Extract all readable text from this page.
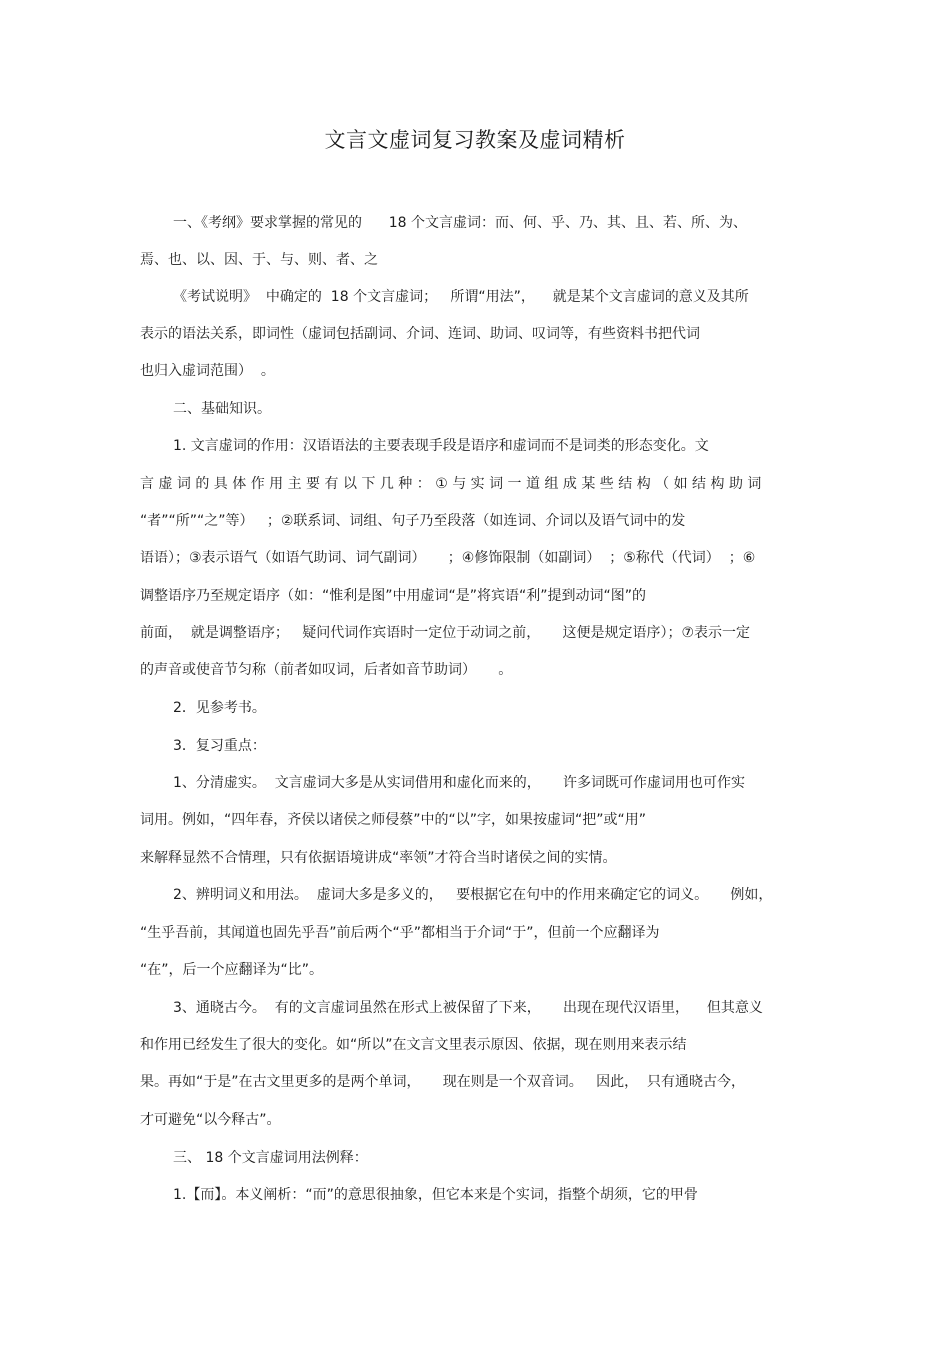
文言文虚词复习教案及虚词精析
一、《考纲》要求掌握的常见的      18 个文言虚词：而、何、乎、乃、其、且、若、所、为、
焉、也、以、因、于、与、则、者、之
《考试说明》  中确定的  18 个文言虚词；   所谓“用法”，    就是某个文言虚词的意义及其所
表示的语法关系，即词性（虚词包括副词、介词、连词、助词、叹词等，有些资料书把代词
也归入虚词范围）  。
二、基础知识。
1. 文言虚词的作用：汉语语法的主要表现手段是语序和虚词而不是词类的形态变化。文
言 虚 词 的 具 体 作 用 主 要 有 以 下 几 种 ： ① 与 实 词 一 道 组 成 某 些 结 构 （ 如 结 构 助 词
“者”“所”“之”等）   ；②联系词、词组、句子乃至段落（如连词、介词以及语气词中的发
语语）；③表示语气（如语气助词、词气副词）     ；④修饰限制（如副词）  ；⑤称代（代词）  ；⑥
调整语序乃至规定语序（如：“惟利是图”中用虚词“是”将宾语“利”提到动词“图”的
前面，  就是调整语序；   疑问代词作宾语时一定位于动词之前，     这便是规定语序）；⑦表示一定
的声音或使音节匀称（前者如叹词，后者如音节助词）     。
2．见参考书。
3．复习重点：
1、分清虚实。  文言虚词大多是从实词借用和虚化而来的，     许多词既可作虚词用也可作实
词用。例如，“四年春，齐侯以诸侯之师侵蔡”中的“以”字，如果按虚词“把”或“用”
来解释显然不合情理，只有依据语境讲成“率领”才符合当时诸侯之间的实情。
2、辨明词义和用法。  虚词大多是多义的，   要根据它在句中的作用来确定它的词义。     例如，
“生乎吾前，其闻道也固先乎吾”前后两个“乎”都相当于介词“于”，但前一个应翻译为
“在”，后一个应翻译为“比”。
3、通晓古今。  有的文言虚词虽然在形式上被保留了下来，     出现在现代汉语里，    但其意义
和作用已经发生了很大的变化。如“所以”在文言文里表示原因、依据，现在则用来表示结
果。再如“于是”在古文里更多的是两个单词，     现在则是一个双音词。   因此，  只有通晓古今，
才可避免“以今释古”。
三、 18 个文言虚词用法例释：
1.【而】。本义阐析：“而”的意思很抽象，但它本来是个实词，指整个胡须，它的甲骨
